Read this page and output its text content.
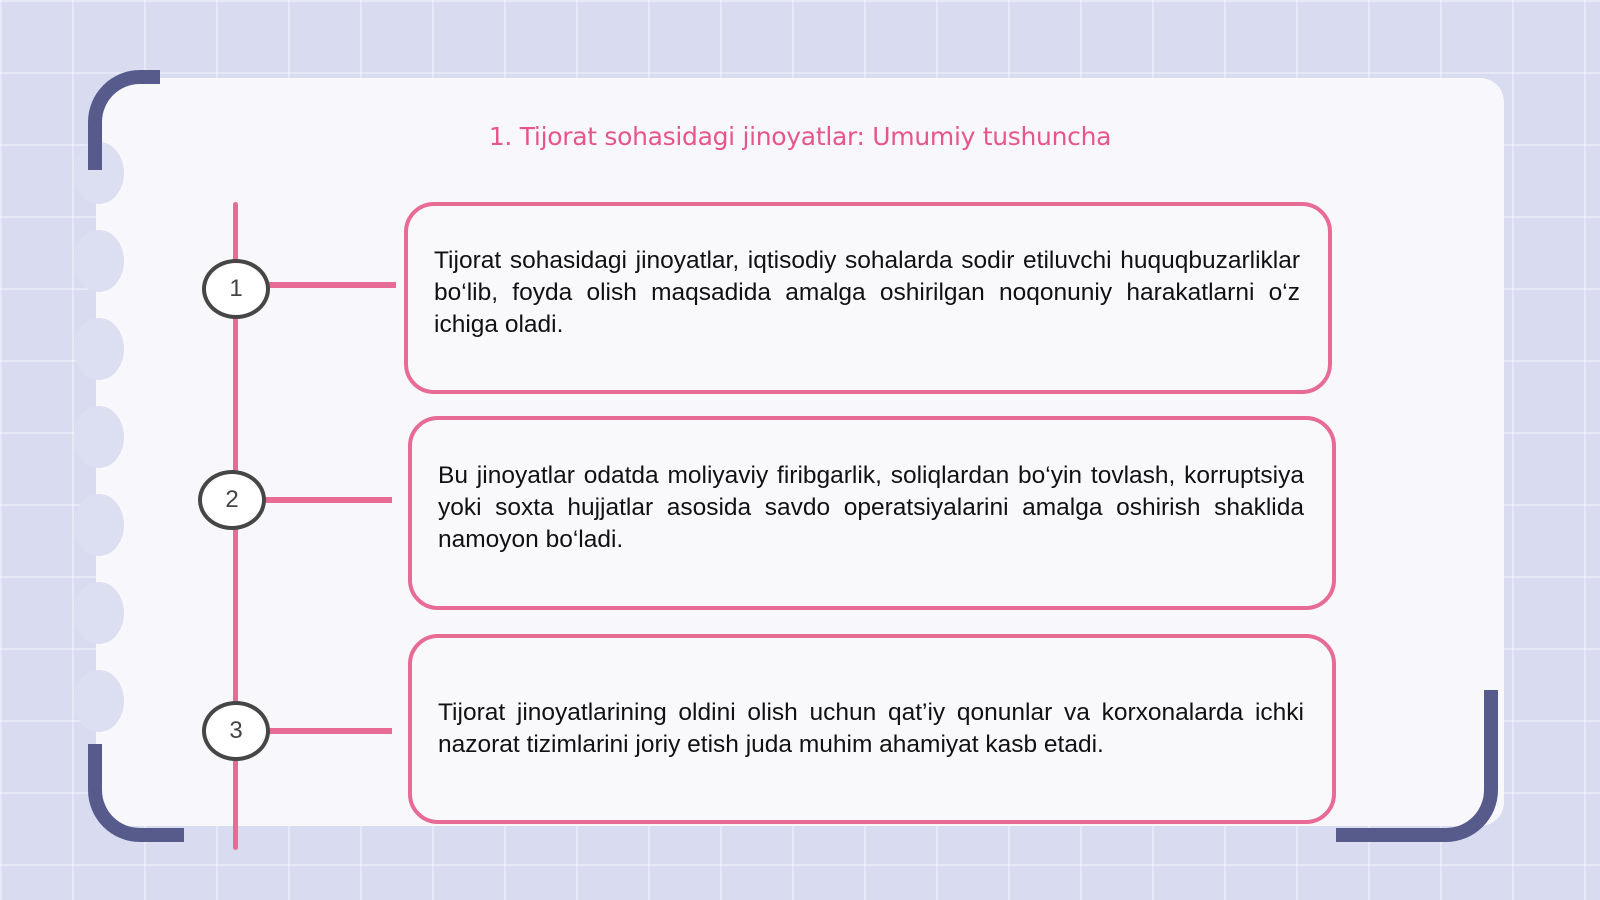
1. Tijorat sohasidagi jinoyatlar: Umumiy tushuncha
1
Tijorat sohasidagi jinoyatlar, iqtisodiy sohalarda sodir etiluvchi huquqbuzarliklar bo‘lib, foyda olish maqsadida amalga oshirilgan noqonuniy harakatlarni o‘z ichiga oladi.
2
Bu jinoyatlar odatda moliyaviy firibgarlik, soliqlardan bo‘yin tovlash, korruptsiya yoki soxta hujjatlar asosida savdo operatsiyalarini amalga oshirish shaklida namoyon bo‘ladi.
3
Tijorat jinoyatlarining oldini olish uchun qat’iy qonunlar va korxonalarda ichki nazorat tizimlarini joriy etish juda muhim ahamiyat kasb etadi.
